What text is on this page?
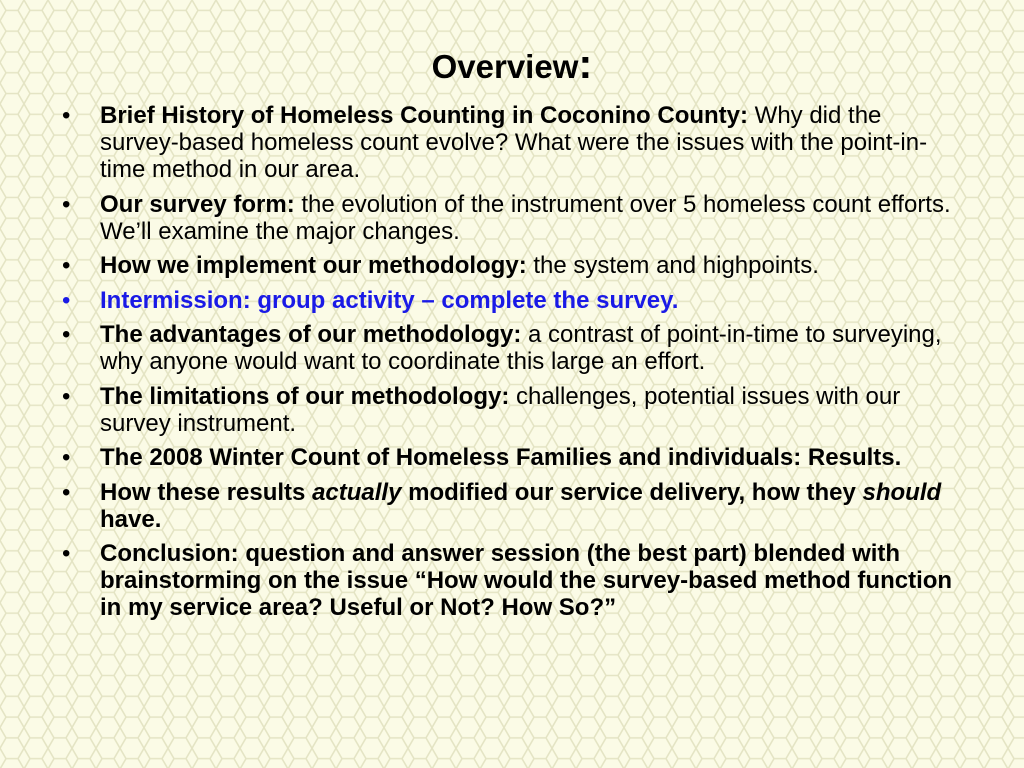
Overview:
• Brief History of Homeless Counting in Coconino County: Why did the survey-based homeless count evolve? What were the issues with the point-in-time method in our area.
• Our survey form: the evolution of the instrument over 5 homeless count efforts. We’ll examine the major changes.
• How we implement our methodology: the system and highpoints.
• Intermission: group activity – complete the survey.
• The advantages of our methodology: a contrast of point-in-time to surveying, why anyone would want to coordinate this large an effort.
• The limitations of our methodology: challenges, potential issues with our survey instrument.
• The 2008 Winter Count of Homeless Families and individuals: Results.
• How these results actually modified our service delivery, how they should have.
• Conclusion: question and answer session (the best part) blended with brainstorming on the issue “How would the survey-based method function in my service area? Useful or Not? How So?”
